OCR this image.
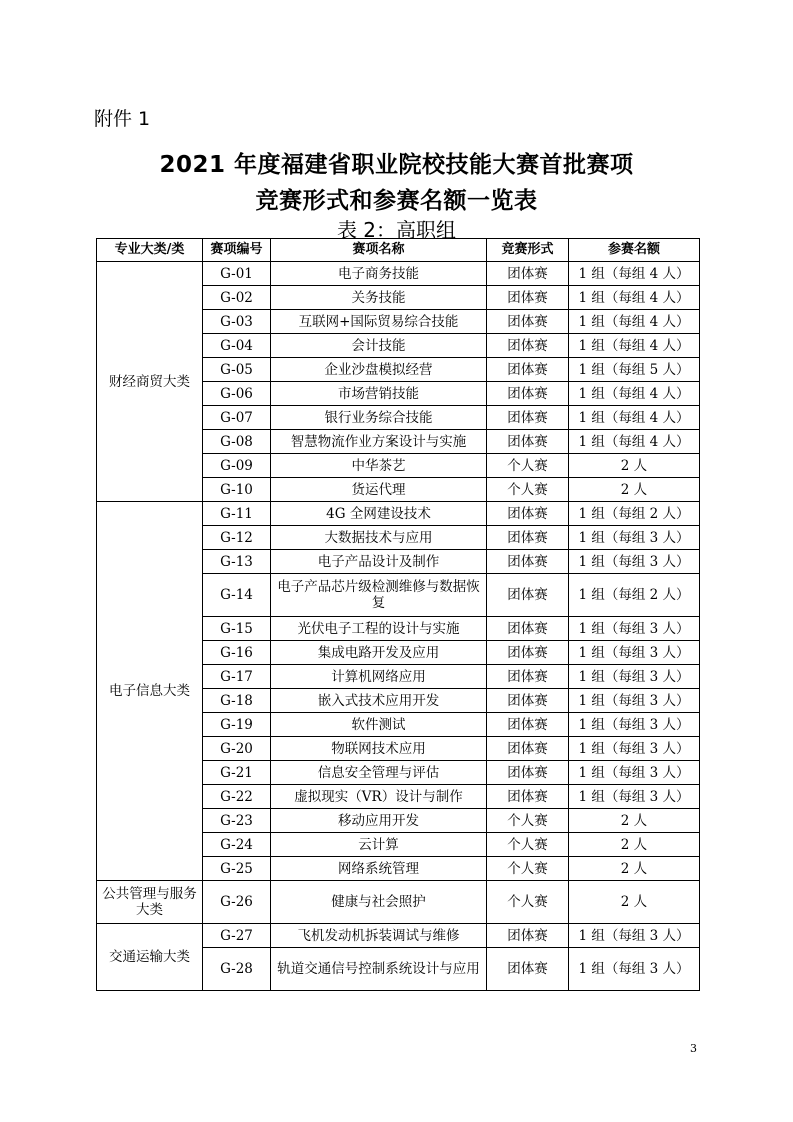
附件 1
2021 年度福建省职业院校技能大赛首批赛项
竞赛形式和参赛名额一览表
表 2：高职组
专业大类/类	赛项编号	赛项名称	竞赛形式	参赛名额
财经商贸大类	G-01	电子商务技能	团体赛	1 组（每组 4 人）
	G-02	关务技能	团体赛	1 组（每组 4 人）
	G-03	互联网+国际贸易综合技能	团体赛	1 组（每组 4 人）
	G-04	会计技能	团体赛	1 组（每组 4 人）
	G-05	企业沙盘模拟经营	团体赛	1 组（每组 5 人）
	G-06	市场营销技能	团体赛	1 组（每组 4 人）
	G-07	银行业务综合技能	团体赛	1 组（每组 4 人）
	G-08	智慧物流作业方案设计与实施	团体赛	1 组（每组 4 人）
	G-09	中华茶艺	个人赛	2 人
	G-10	货运代理	个人赛	2 人
电子信息大类	G-11	4G 全网建设技术	团体赛	1 组（每组 2 人）
	G-12	大数据技术与应用	团体赛	1 组（每组 3 人）
	G-13	电子产品设计及制作	团体赛	1 组（每组 3 人）
	G-14	电子产品芯片级检测维修与数据恢复	团体赛	1 组（每组 2 人）
	G-15	光伏电子工程的设计与实施	团体赛	1 组（每组 3 人）
	G-16	集成电路开发及应用	团体赛	1 组（每组 3 人）
	G-17	计算机网络应用	团体赛	1 组（每组 3 人）
	G-18	嵌入式技术应用开发	团体赛	1 组（每组 3 人）
	G-19	软件测试	团体赛	1 组（每组 3 人）
	G-20	物联网技术应用	团体赛	1 组（每组 3 人）
	G-21	信息安全管理与评估	团体赛	1 组（每组 3 人）
	G-22	虚拟现实（VR）设计与制作	团体赛	1 组（每组 3 人）
	G-23	移动应用开发	个人赛	2 人
	G-24	云计算	个人赛	2 人
	G-25	网络系统管理	个人赛	2 人
公共管理与服务大类	G-26	健康与社会照护	个人赛	2 人
交通运输大类	G-27	飞机发动机拆装调试与维修	团体赛	1 组（每组 3 人）
	G-28	轨道交通信号控制系统设计与应用	团体赛	1 组（每组 3 人）
3
